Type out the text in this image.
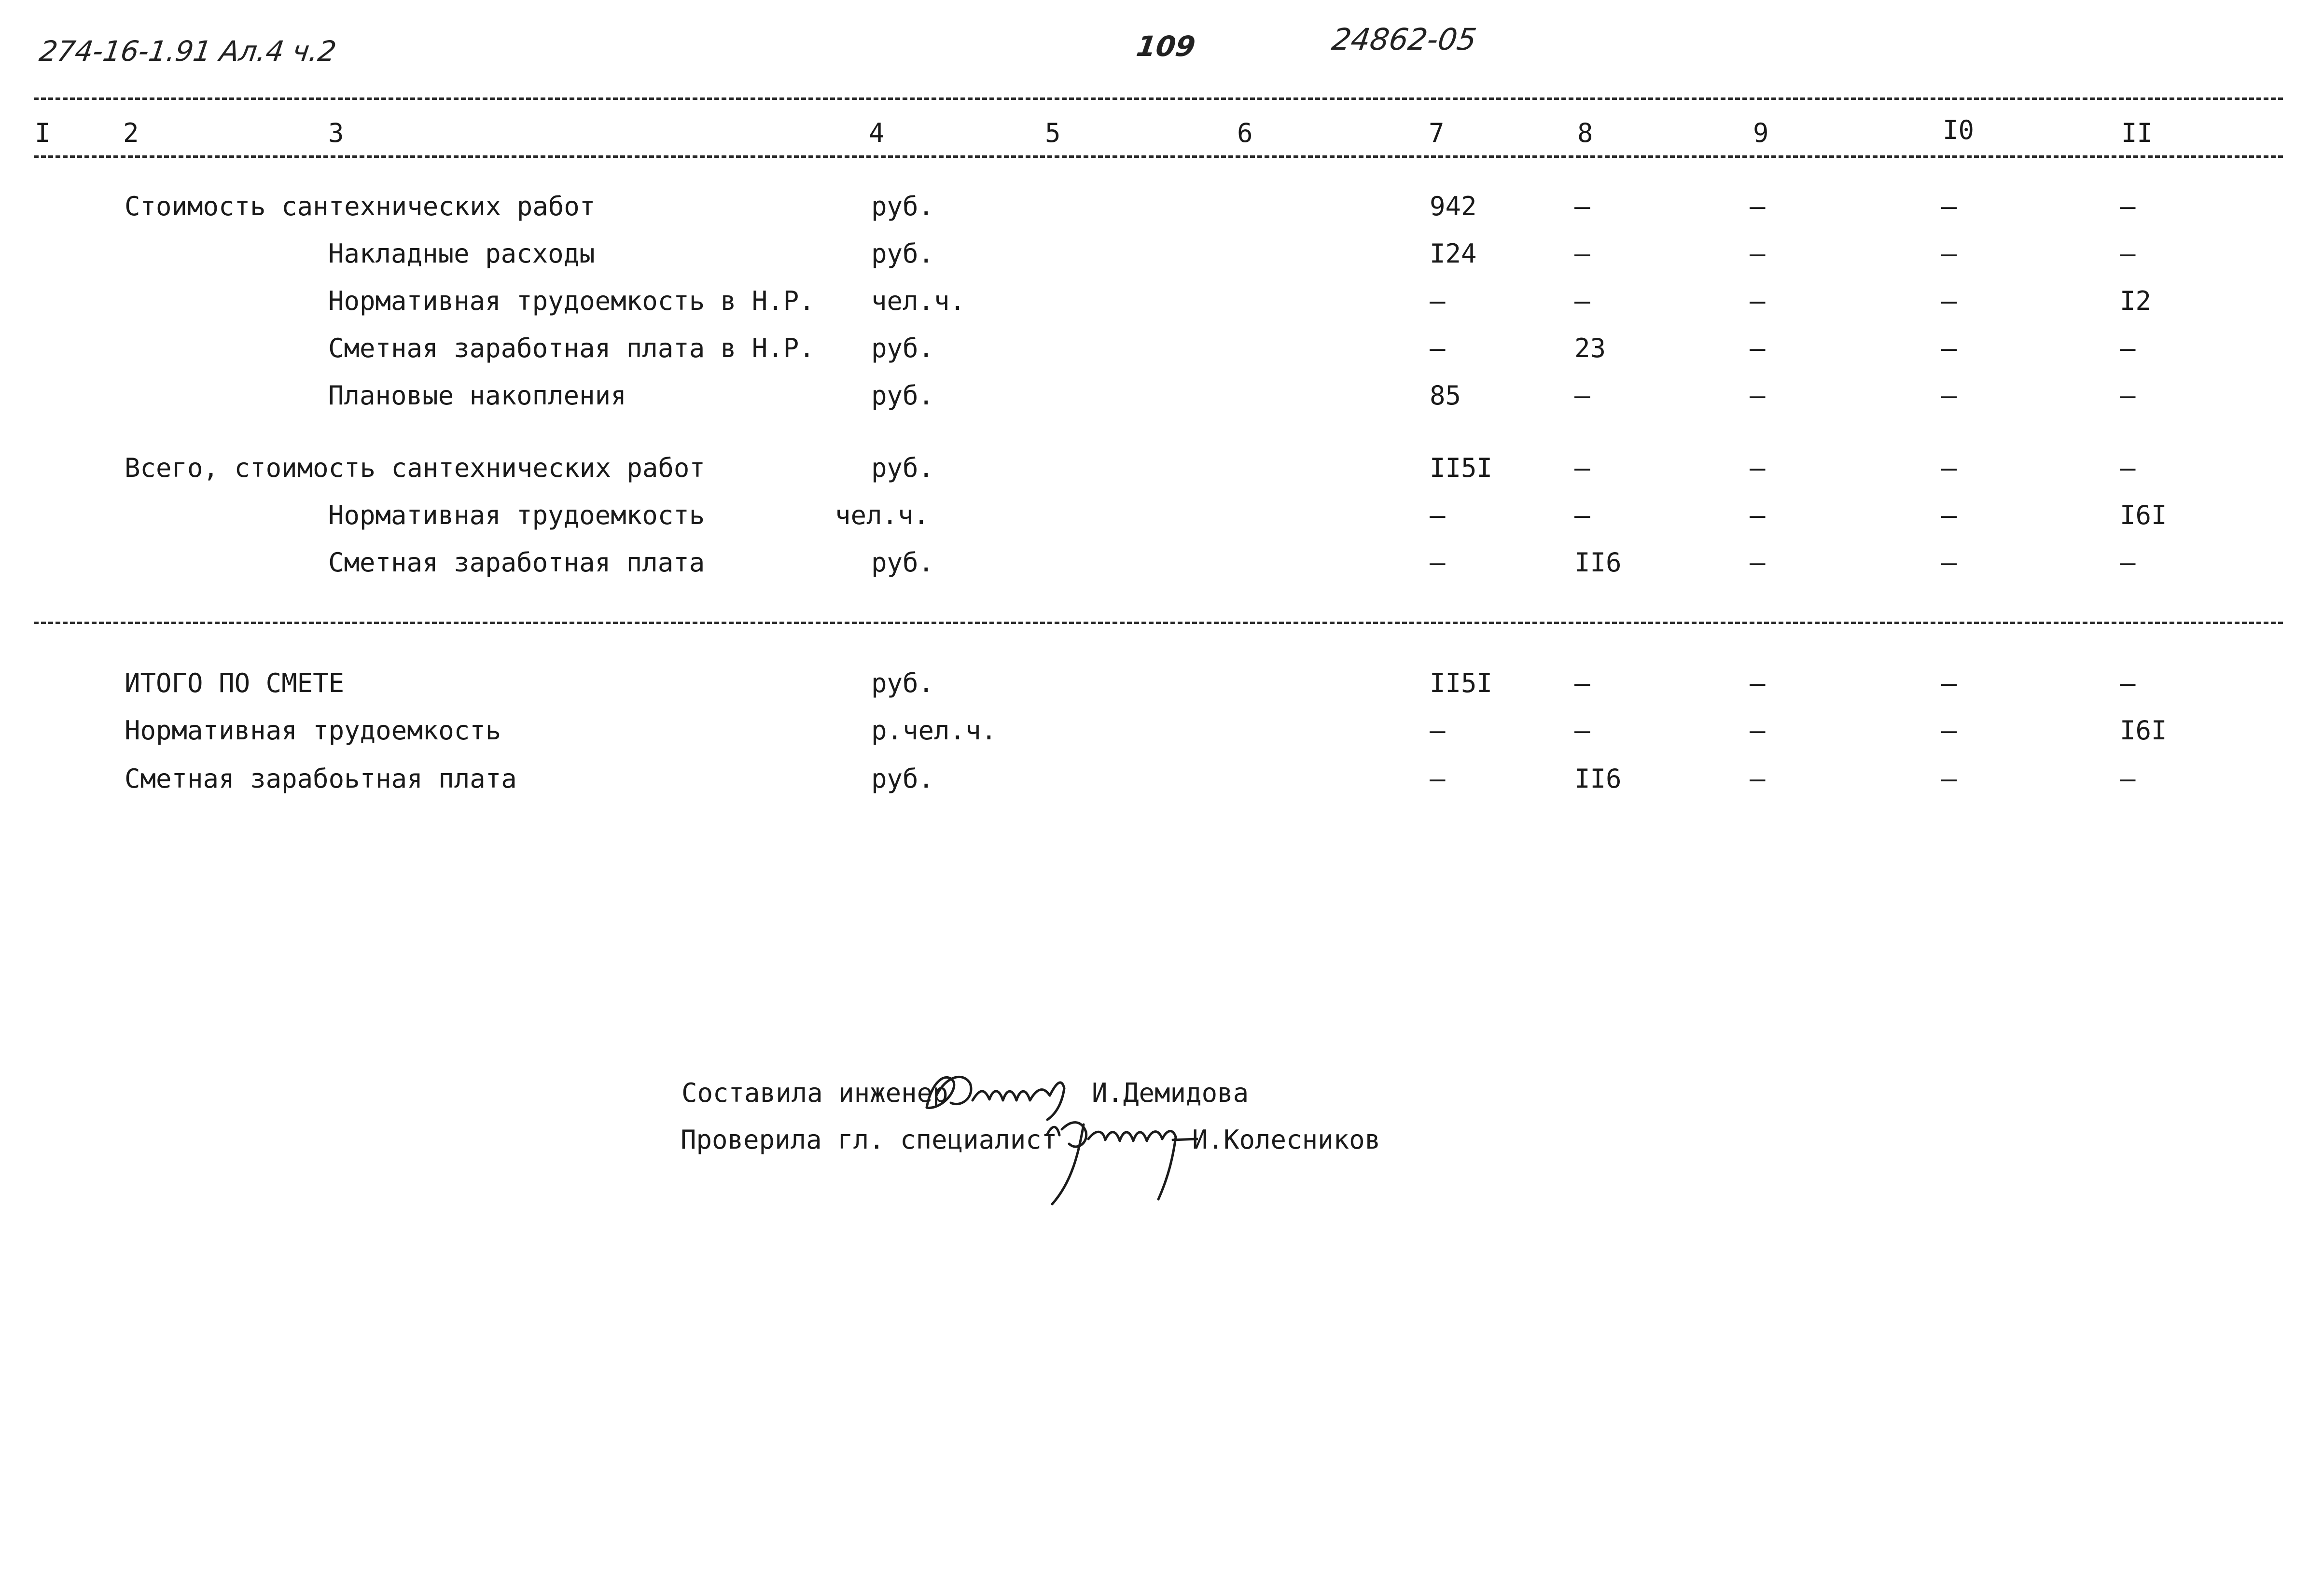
274-16-1.91 Ал.4 ч.2	109	24862-05
I	2	3	4	5	6	7	8	9	I0	II
Стоимость сантехнических работ	руб.	942	–	–	–	–
Накладные расходы	руб.	I24	–	–	–	–
Нормативная трудоемкость в Н.Р. чел.ч.	–	–	–	–	I2
Сметная заработная плата в Н.Р. руб.	–	23	–	–	–
Плановые накопления	руб.	85	–	–	–	–
Всего, стоимость сантехнических работ	руб.	II5I	–	–	–	–
Нормативная трудоемкость	чел.ч.	–	–	–	–	I6I
Сметная заработная плата	руб.	–	II6	–	–	–
ИТОГО ПО СМЕТЕ	руб.	II5I	–	–	–	–
Нормативная трудоемкость	р.чел.ч.	–	–	–	–	I6I
Сметная зарабоьтная плата	руб.	–	II6	–	–	–
Составила инженер	И.Демидова
Проверила гл. специалист	И.Колесников
